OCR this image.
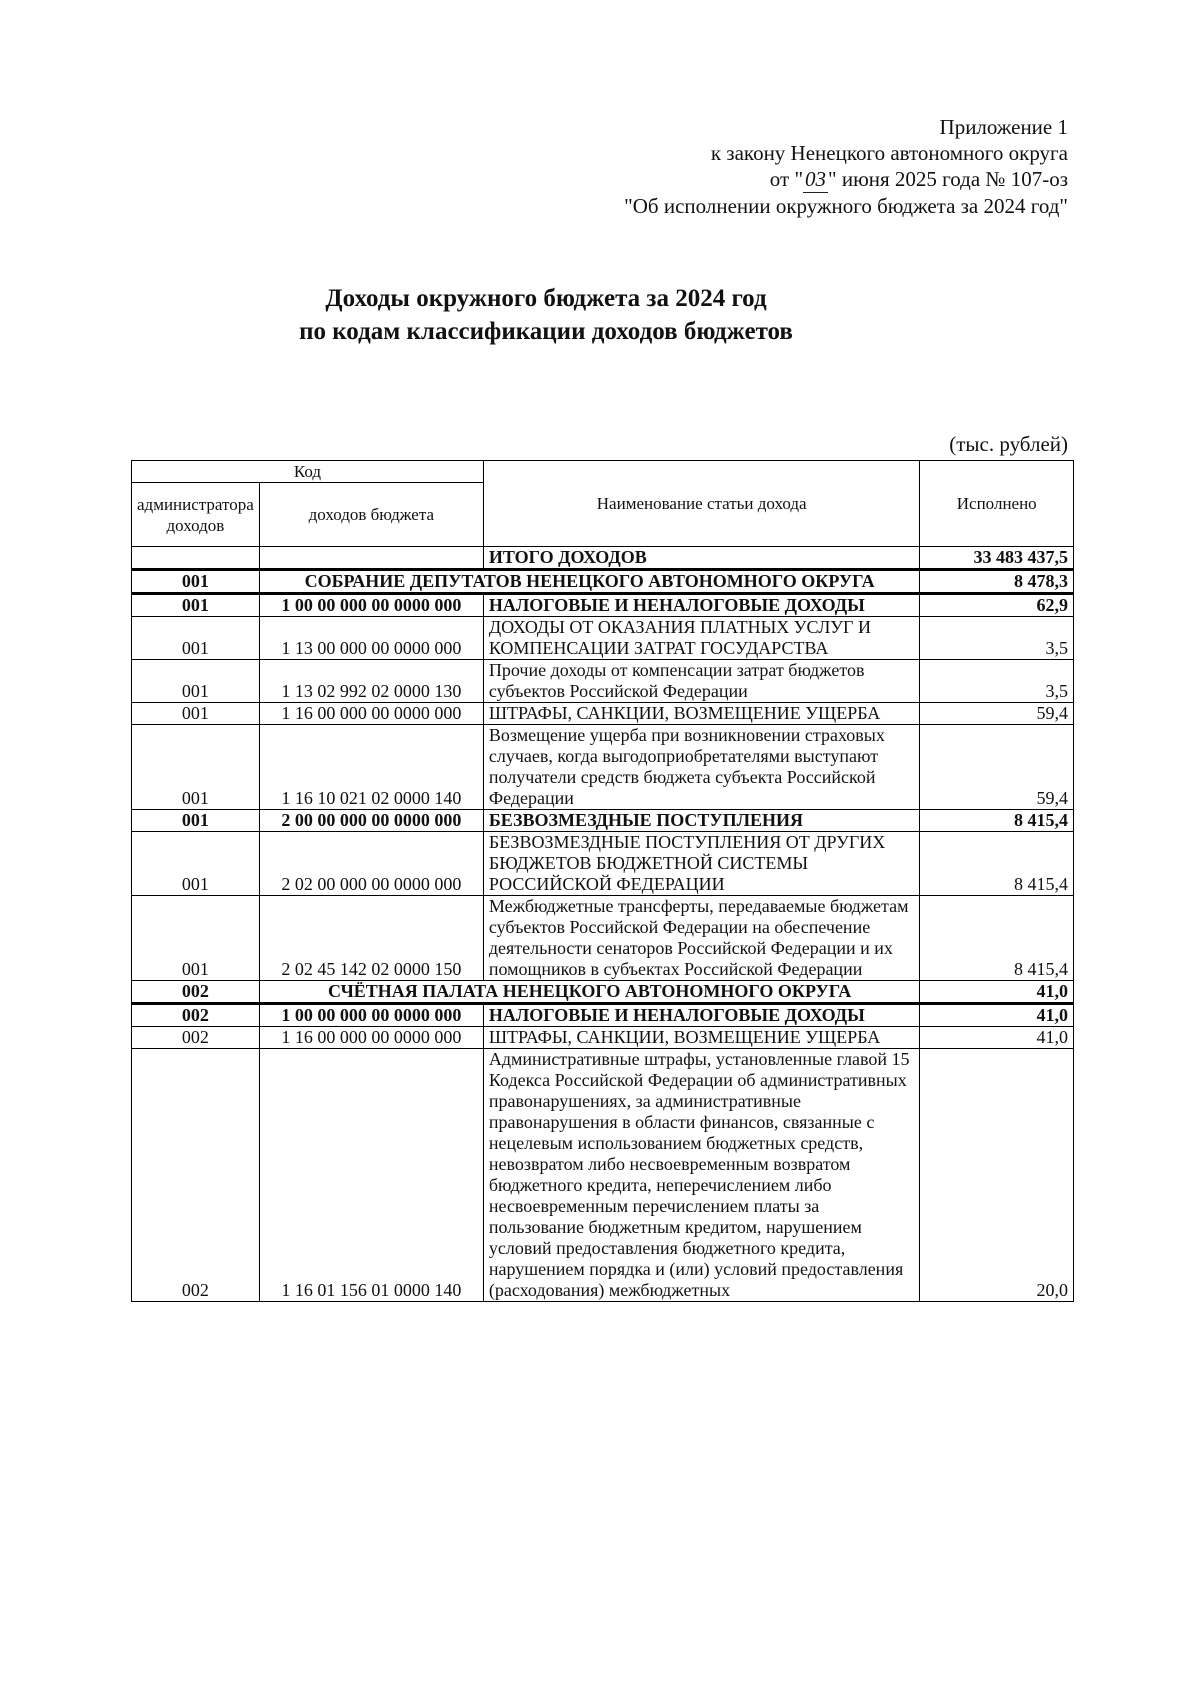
Приложение 1
к закону Ненецкого автономного округа
от "03" июня 2025 года № 107-оз
"Об исполнении окружного бюджета за 2024 год"
Доходы окружного бюджета за 2024 год
по кодам классификации доходов бюджетов
(тыс. рублей)
Код		Наименование статьи дохода	Исполнено
администратора доходов	доходов бюджета		
		ИТОГО ДОХОДОВ	33 483 437,5
001	СОБРАНИЕ ДЕПУТАТОВ НЕНЕЦКОГО АВТОНОМНОГО ОКРУГА		8 478,3
001	1 00 00 000 00 0000 000	НАЛОГОВЫЕ И НЕНАЛОГОВЫЕ ДОХОДЫ	62,9
001	1 13 00 000 00 0000 000	ДОХОДЫ ОТ ОКАЗАНИЯ ПЛАТНЫХ УСЛУГ И КОМПЕНСАЦИИ ЗАТРАТ ГОСУДАРСТВА	3,5
001	1 13 02 992 02 0000 130	Прочие доходы от компенсации затрат бюджетов субъектов Российской Федерации	3,5
001	1 16 00 000 00 0000 000	ШТРАФЫ, САНКЦИИ, ВОЗМЕЩЕНИЕ УЩЕРБА	59,4
001	1 16 10 021 02 0000 140	Возмещение ущерба при возникновении страховых случаев, когда выгодоприобретателями выступают получатели средств бюджета субъекта Российской Федерации	59,4
001	2 00 00 000 00 0000 000	БЕЗВОЗМЕЗДНЫЕ ПОСТУПЛЕНИЯ	8 415,4
001	2 02 00 000 00 0000 000	БЕЗВОЗМЕЗДНЫЕ ПОСТУПЛЕНИЯ ОТ ДРУГИХ БЮДЖЕТОВ БЮДЖЕТНОЙ СИСТЕМЫ РОССИЙСКОЙ ФЕДЕРАЦИИ	8 415,4
001	2 02 45 142 02 0000 150	Межбюджетные трансферты, передаваемые бюджетам субъектов Российской Федерации на обеспечение деятельности сенаторов Российской Федерации и их помощников в субъектах Российской Федерации	8 415,4
002	СЧЁТНАЯ ПАЛАТА НЕНЕЦКОГО АВТОНОМНОГО ОКРУГА		41,0
002	1 00 00 000 00 0000 000	НАЛОГОВЫЕ И НЕНАЛОГОВЫЕ ДОХОДЫ	41,0
002	1 16 00 000 00 0000 000	ШТРАФЫ, САНКЦИИ, ВОЗМЕЩЕНИЕ УЩЕРБА	41,0
002	1 16 01 156 01 0000 140	Административные штрафы, установленные главой 15 Кодекса Российской Федерации об административных правонарушениях, за административные правонарушения в области финансов, связанные с нецелевым использованием бюджетных средств, невозвратом либо несвоевременным возвратом бюджетного кредита, неперечислением либо несвоевременным перечислением платы за пользование бюджетным кредитом, нарушением условий предоставления бюджетного кредита, нарушением порядка и (или) условий предоставления (расходования) межбюджетных	20,0
